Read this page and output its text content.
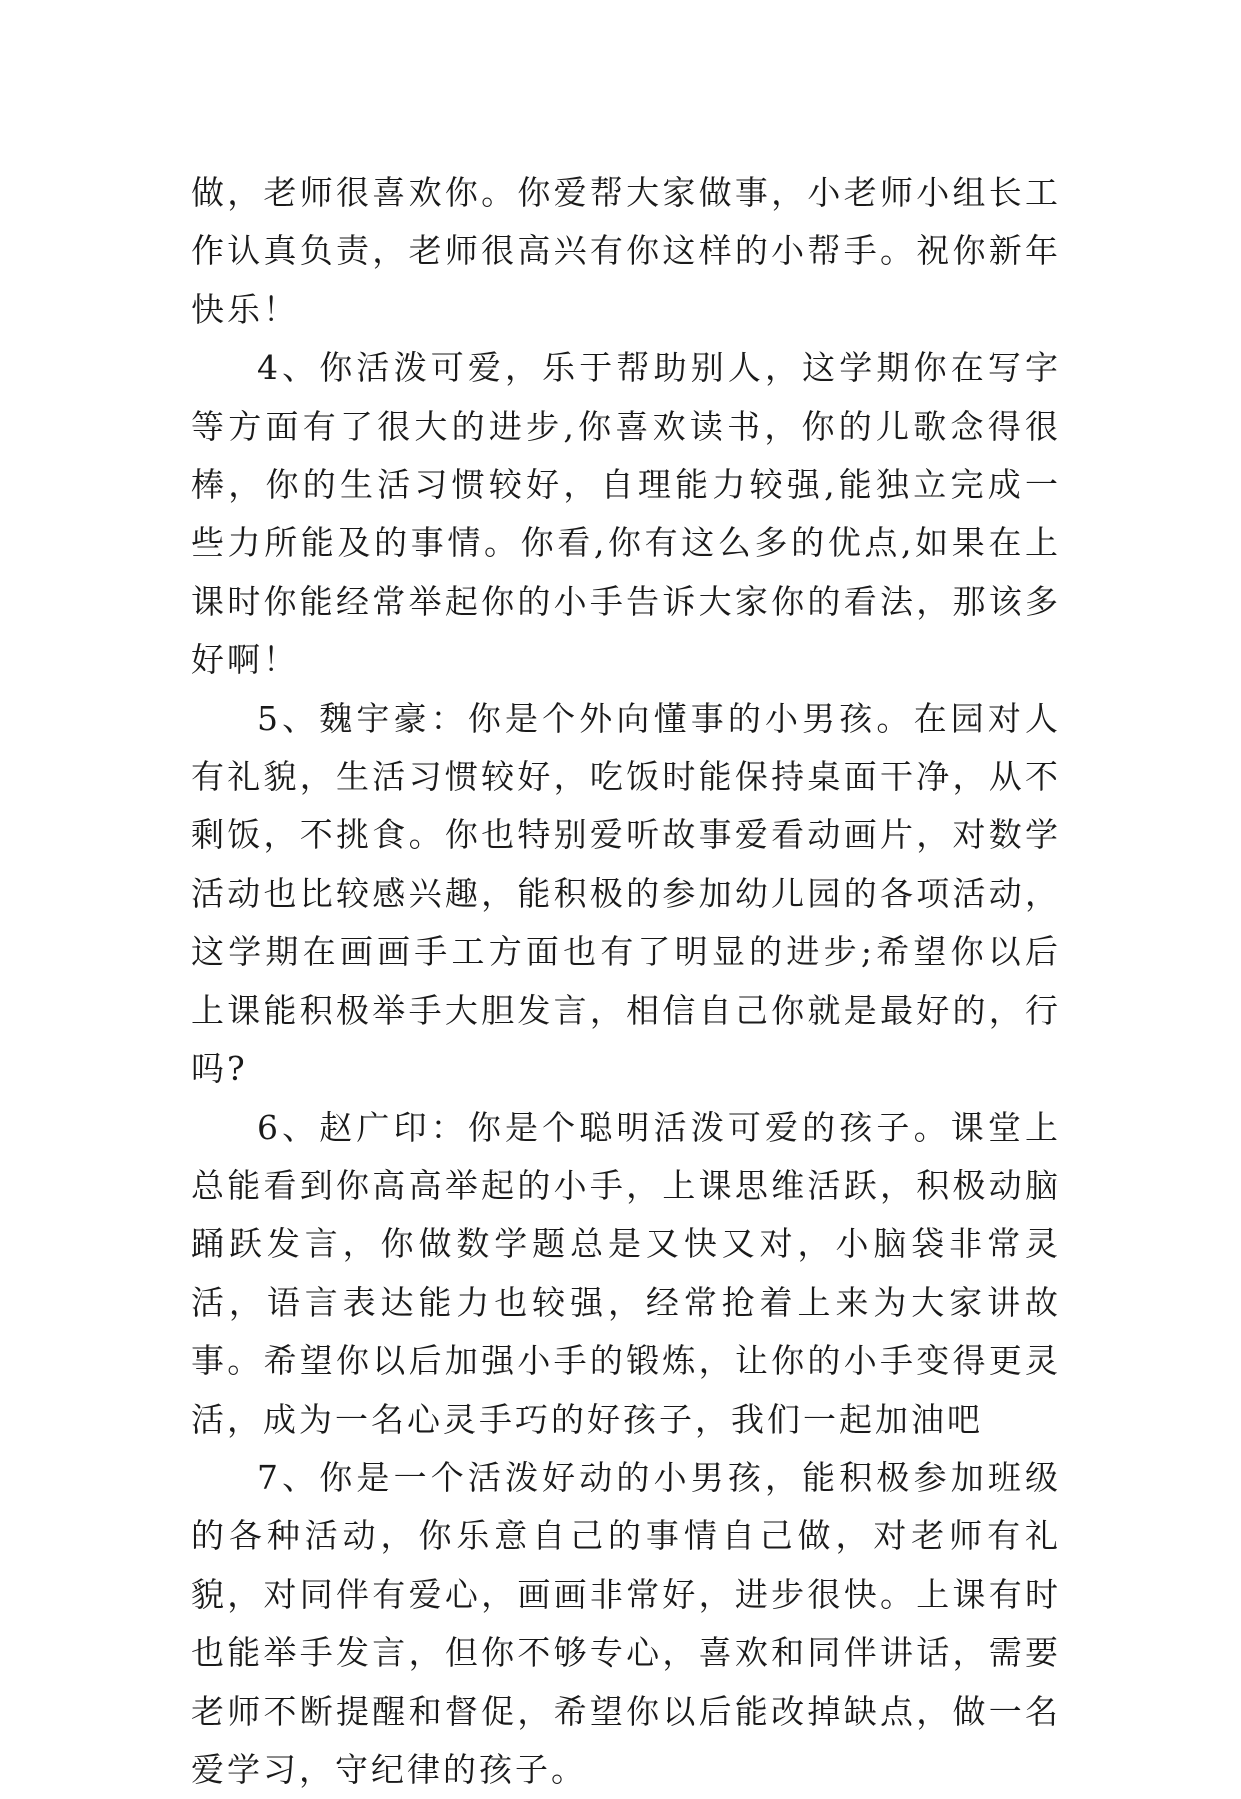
做，老师很喜欢你。你爱帮大家做事，小老师小组长工作认真负责，老师很高兴有你这样的小帮手。祝你新年快乐！

4、你活泼可爱，乐于帮助别人，这学期你在写字等方面有了很大的进步,你喜欢读书，你的儿歌念得很棒，你的生活习惯较好，自理能力较强,能独立完成一些力所能及的事情。你看,你有这么多的优点,如果在上课时你能经常举起你的小手告诉大家你的看法，那该多好啊！

5、魏宇豪：你是个外向懂事的小男孩。在园对人有礼貌，生活习惯较好，吃饭时能保持桌面干净，从不剩饭，不挑食。你也特别爱听故事爱看动画片，对数学活动也比较感兴趣，能积极的参加幼儿园的各项活动，这学期在画画手工方面也有了明显的进步;希望你以后上课能积极举手大胆发言，相信自己你就是最好的，行吗?

6、赵广印：你是个聪明活泼可爱的孩子。课堂上总能看到你高高举起的小手，上课思维活跃，积极动脑踊跃发言，你做数学题总是又快又对，小脑袋非常灵活，语言表达能力也较强，经常抢着上来为大家讲故事。希望你以后加强小手的锻炼，让你的小手变得更灵活，成为一名心灵手巧的好孩子，我们一起加油吧

7、你是一个活泼好动的小男孩，能积极参加班级的各种活动，你乐意自己的事情自己做，对老师有礼貌，对同伴有爱心，画画非常好，进步很快。上课有时也能举手发言，但你不够专心，喜欢和同伴讲话，需要老师不断提醒和督促，希望你以后能改掉缺点，做一名爱学习，守纪律的孩子。
